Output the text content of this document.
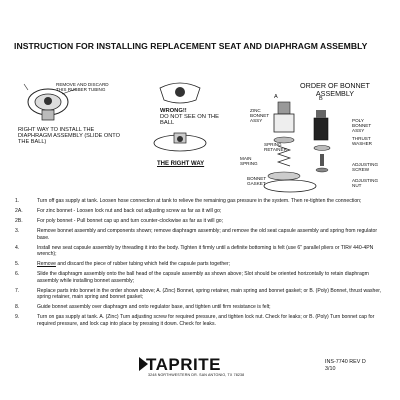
INSTRUCTION FOR INSTALLING REPLACEMENT SEAT AND DIAPHRAGM ASSEMBLY
REMOVE AND DISCARD THIS RUBBER TUBING
RIGHT WAY TO INSTALL THE DIAPHRAGM ASSEMBLY (SLIDE ONTO THE BALL)
WRONG!!
DO NOT SEE ON THE BALL
THE RIGHT WAY
ORDER OF BONNET ASSEMBLY
A	B
ZINC BONNET ASSY	POLY BONNET ASSY
THRUST WASHER
SPRING RETAINER
MAIN SPRING	ADJUSTING SCREW
BONNET GASKET
ADJUSTING NUT
1.	Turn off gas supply at tank. Loosen hose connection at tank to relieve the remaining gas pressure in the system. Then re-tighten the connection;
2A.	For zinc bonnet - Loosen lock nut and back out adjusting screw as far as it will go;
2B.	For poly bonnet - Pull bonnet cap up and turn counter-clockwise as far as it will go;
3.	Remove bonnet assembly and components shown; remove diaphragm assembly; and remove the old seat capsule assembly and spring from regulator base.
4.	Install new seat capsule assembly by threading it into the body. Tighten it firmly until a definite bottoming is felt (use 6" parallel pliers or TIR# 440-4PN wrench);
5.	Remove and discard the piece of rubber tubing which held the capsule parts together;
6.	Slide the diaphragm assembly onto the ball head of the capsule assembly as shown above; Slot should be oriented horizontally to retain diaphragm assembly while installing bonnet assembly;
7.	Replace parts into bonnet in the order shown above; A. (Zinc) Bonnet, spring retainer, main spring and bonnet gasket; or B. (Poly) Bonnet, thrust washer, spring retainer, main spring and bonnet gasket;
8.	Guide bonnet assembly over diaphragm and onto regulator base, and tighten until firm resistance is felt;
9.	Turn on gas supply at tank. A. (Zinc) Turn adjusting screw for required pressure, and tighten lock nut. Check for leaks; or B. (Poly) Turn bonnet cap for required pressure, and lock cap into place by pressing it down. Check for leaks.
TAPRITE
3248 NORTHWESTERN DR. SAN ANTONIO, TX 78238
INS-7740 REV D
3/10
